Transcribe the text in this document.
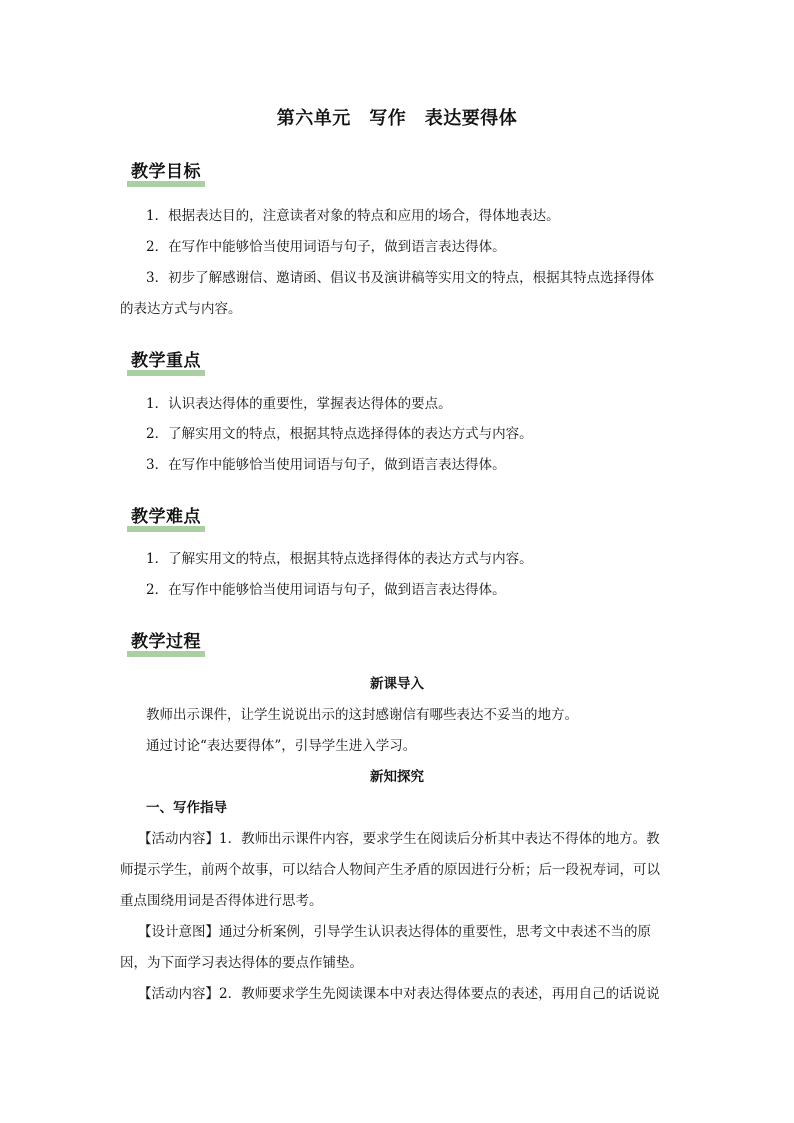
第六单元　写作　表达要得体
教学目标
1．根据表达目的，注意读者对象的特点和应用的场合，得体地表达。
2．在写作中能够恰当使用词语与句子，做到语言表达得体。
3．初步了解感谢信、邀请函、倡议书及演讲稿等实用文的特点，根据其特点选择得体
的表达方式与内容。
教学重点
1．认识表达得体的重要性，掌握表达得体的要点。
2．了解实用文的特点，根据其特点选择得体的表达方式与内容。
3．在写作中能够恰当使用词语与句子，做到语言表达得体。
教学难点
1．了解实用文的特点，根据其特点选择得体的表达方式与内容。
2．在写作中能够恰当使用词语与句子，做到语言表达得体。
教学过程
新课导入
教师出示课件，让学生说说出示的这封感谢信有哪些表达不妥当的地方。
通过讨论“表达要得体”，引导学生进入学习。
新知探究
一、写作指导
【活动内容】1．教师出示课件内容，要求学生在阅读后分析其中表达不得体的地方。教
师提示学生，前两个故事，可以结合人物间产生矛盾的原因进行分析；后一段祝寿词，可以
重点围绕用词是否得体进行思考。
【设计意图】通过分析案例，引导学生认识表达得体的重要性，思考文中表述不当的原
因，为下面学习表达得体的要点作铺垫。
【活动内容】2．教师要求学生先阅读课本中对表达得体要点的表述，再用自己的话说说
